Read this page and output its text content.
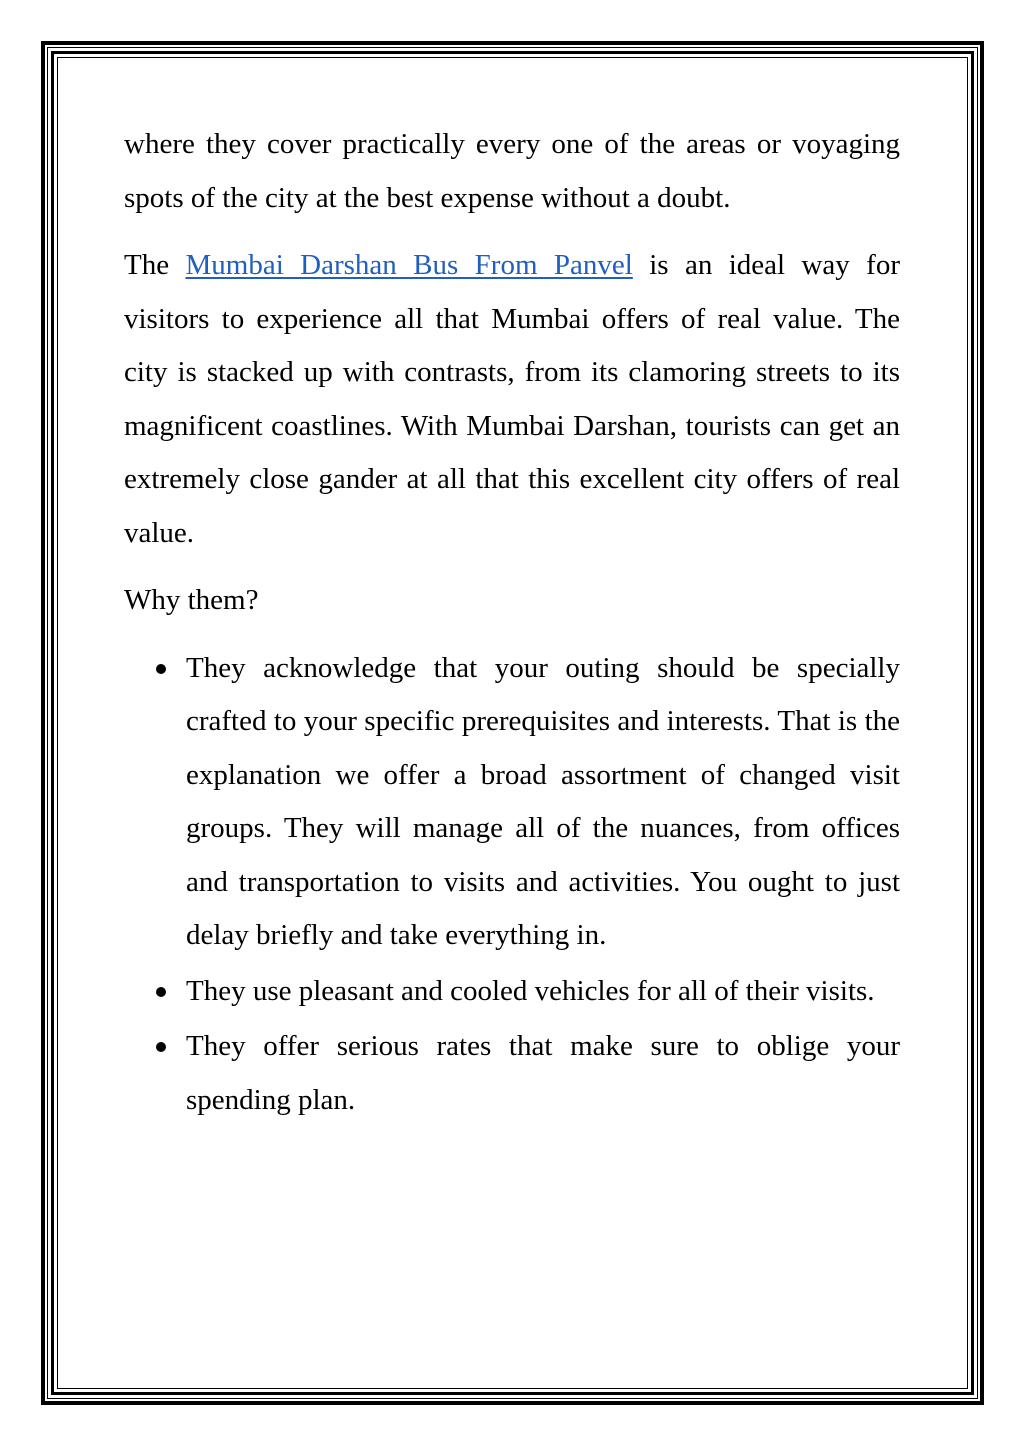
where they cover practically every one of the areas or voyaging spots of the city at the best expense without a doubt.

The Mumbai Darshan Bus From Panvel is an ideal way for visitors to experience all that Mumbai offers of real value. The city is stacked up with contrasts, from its clamoring streets to its magnificent coastlines. With Mumbai Darshan, tourists can get an extremely close gander at all that this excellent city offers of real value.

Why them?

They acknowledge that your outing should be specially crafted to your specific prerequisites and interests. That is the explanation we offer a broad assortment of changed visit groups. They will manage all of the nuances, from offices and transportation to visits and activities. You ought to just delay briefly and take everything in.
They use pleasant and cooled vehicles for all of their visits.
They offer serious rates that make sure to oblige your spending plan.
